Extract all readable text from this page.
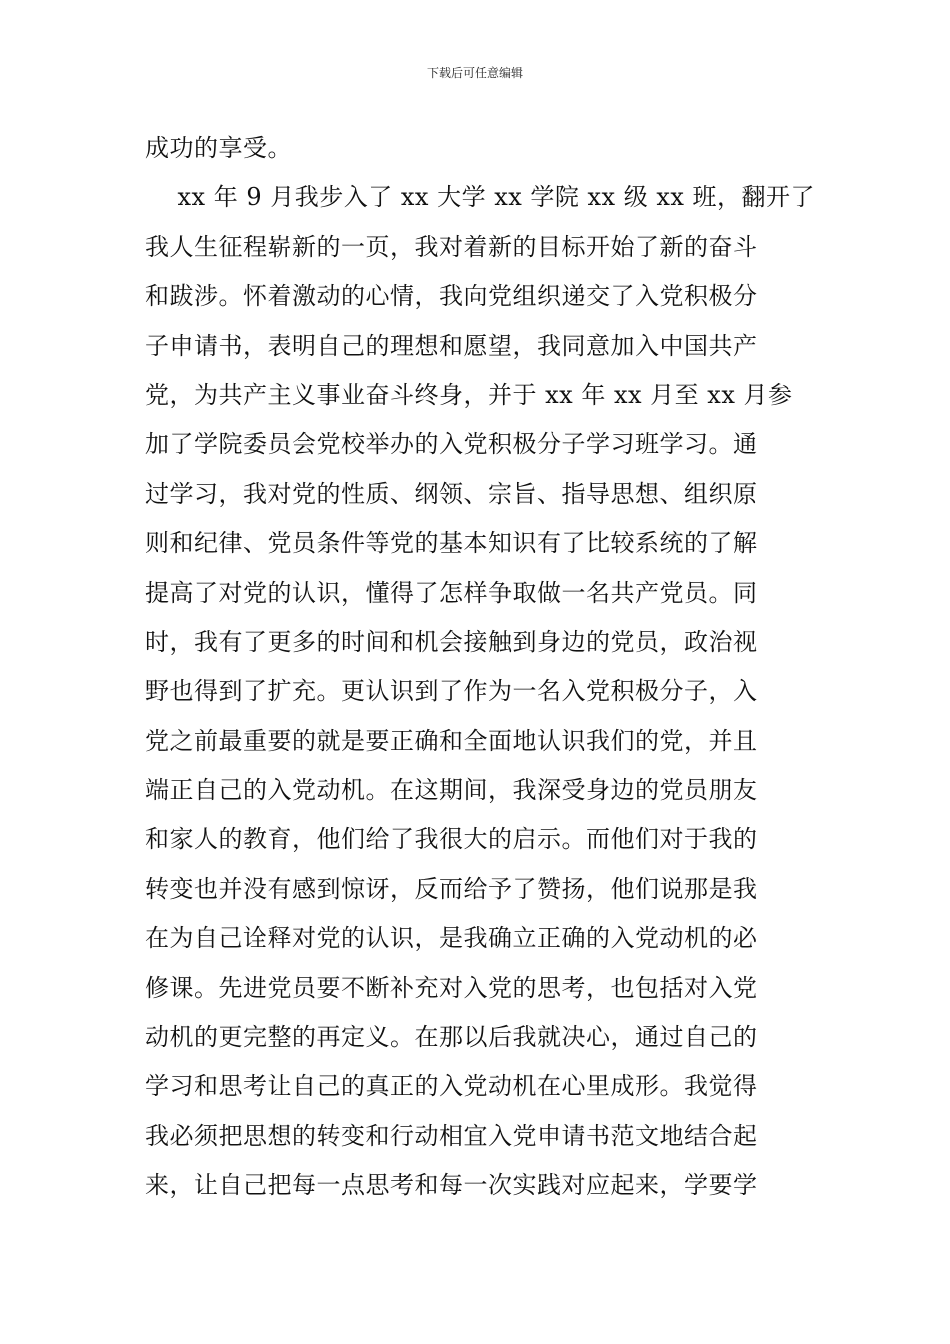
下载后可任意编辑
成功的享受。
xx 年 9 月我步入了 xx 大学 xx 学院 xx 级 xx 班，翻开了
我人生征程崭新的一页，我对着新的目标开始了新的奋斗
和跋涉。怀着激动的心情，我向党组织递交了入党积极分
子申请书，表明自己的理想和愿望，我同意加入中国共产
党，为共产主义事业奋斗终身，并于 xx 年 xx 月至 xx 月参
加了学院委员会党校举办的入党积极分子学习班学习。通
过学习，我对党的性质、纲领、宗旨、指导思想、组织原
则和纪律、党员条件等党的基本知识有了比较系统的了解
提高了对党的认识，懂得了怎样争取做一名共产党员。同
时，我有了更多的时间和机会接触到身边的党员，政治视
野也得到了扩充。更认识到了作为一名入党积极分子，入
党之前最重要的就是要正确和全面地认识我们的党，并且
端正自己的入党动机。在这期间，我深受身边的党员朋友
和家人的教育，他们给了我很大的启示。而他们对于我的
转变也并没有感到惊讶，反而给予了赞扬，他们说那是我
在为自己诠释对党的认识，是我确立正确的入党动机的必
修课。先进党员要不断补充对入党的思考，也包括对入党
动机的更完整的再定义。在那以后我就决心，通过自己的
学习和思考让自己的真正的入党动机在心里成形。我觉得
我必须把思想的转变和行动相宜入党申请书范文地结合起
来，让自己把每一点思考和每一次实践对应起来，学要学
